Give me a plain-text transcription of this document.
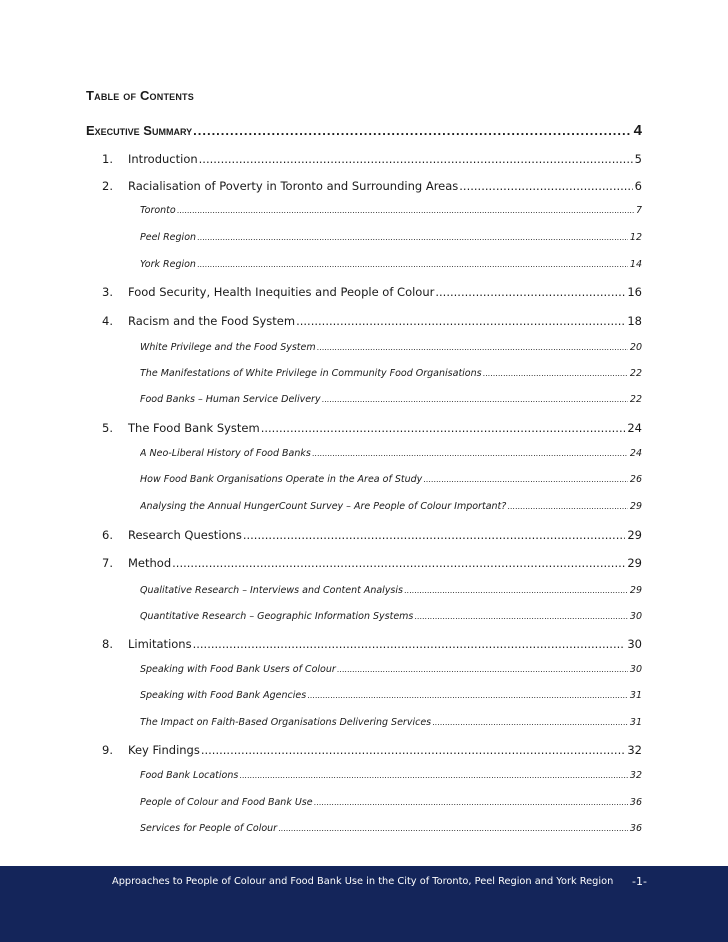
Table of Contents
Executive Summary .....	4
1.	Introduction .....	5
2.	Racialisation of Poverty in Toronto and Surrounding Areas .....	6
Toronto .....	7
Peel Region .....	12
York Region .....	14
3.	Food Security, Health Inequities and People of Colour .....	16
4.	Racism and the Food System .....	18
White Privilege and the Food System .....	20
The Manifestations of White Privilege in Community Food Organisations .....	22
Food Banks – Human Service Delivery .....	22
5.	The Food Bank System .....	24
A Neo-Liberal History of Food Banks .....	24
How Food Bank Organisations Operate in the Area of Study .....	26
Analysing the Annual HungerCount Survey – Are People of Colour Important? .....	29
6.	Research Questions .....	29
7.	Method .....	29
Qualitative Research – Interviews and Content Analysis .....	29
Quantitative Research – Geographic Information Systems .....	30
8.	Limitations .....	30
Speaking with Food Bank Users of Colour .....	30
Speaking with Food Bank Agencies .....	31
The Impact on Faith-Based Organisations Delivering Services .....	31
9.	Key Findings .....	32
Food Bank Locations .....	32
People of Colour and Food Bank Use .....	36
Services for People of Colour .....	36
Approaches to People of Colour and Food Bank Use in the City of Toronto, Peel Region and York Region -1-
